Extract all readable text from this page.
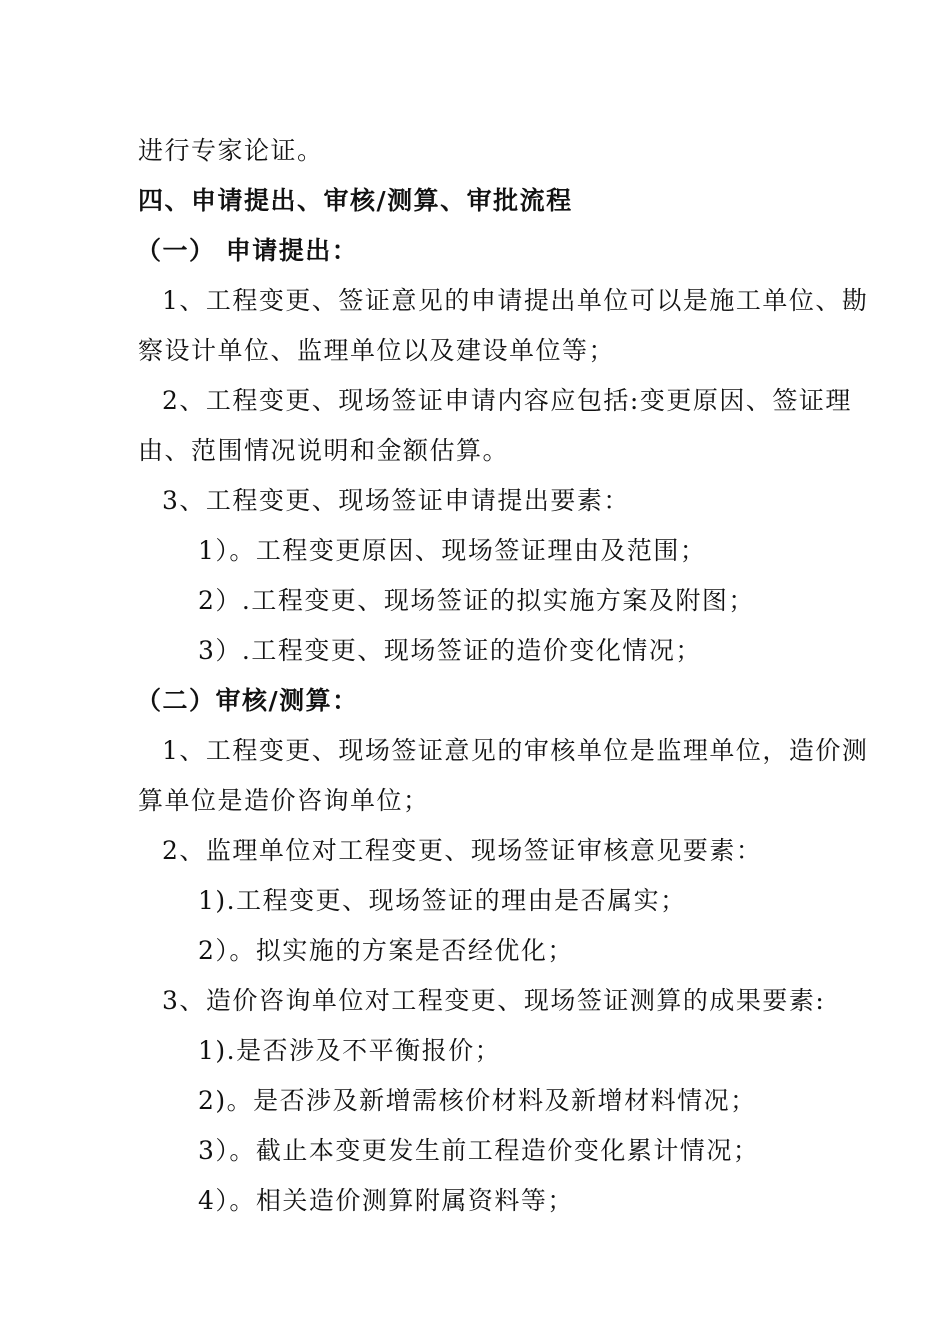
进行专家论证。
四、申请提出、审核/测算、审批流程
（一） 申请提出：
1、工程变更、签证意见的申请提出单位可以是施工单位、勘
察设计单位、监理单位以及建设单位等；
2、工程变更、现场签证申请内容应包括:变更原因、签证理
由、范围情况说明和金额估算。
3、工程变更、现场签证申请提出要素：
1）。工程变更原因、现场签证理由及范围；
2）.工程变更、现场签证的拟实施方案及附图；
3）.工程变更、现场签证的造价变化情况；
（二）审核/测算：
1、工程变更、现场签证意见的审核单位是监理单位，造价测
算单位是造价咨询单位；
2、监理单位对工程变更、现场签证审核意见要素：
1).工程变更、现场签证的理由是否属实；
2）。拟实施的方案是否经优化；
3、造价咨询单位对工程变更、现场签证测算的成果要素:
1).是否涉及不平衡报价；
2)。是否涉及新增需核价材料及新增材料情况；
3）。截止本变更发生前工程造价变化累计情况；
4）。相关造价测算附属资料等；
